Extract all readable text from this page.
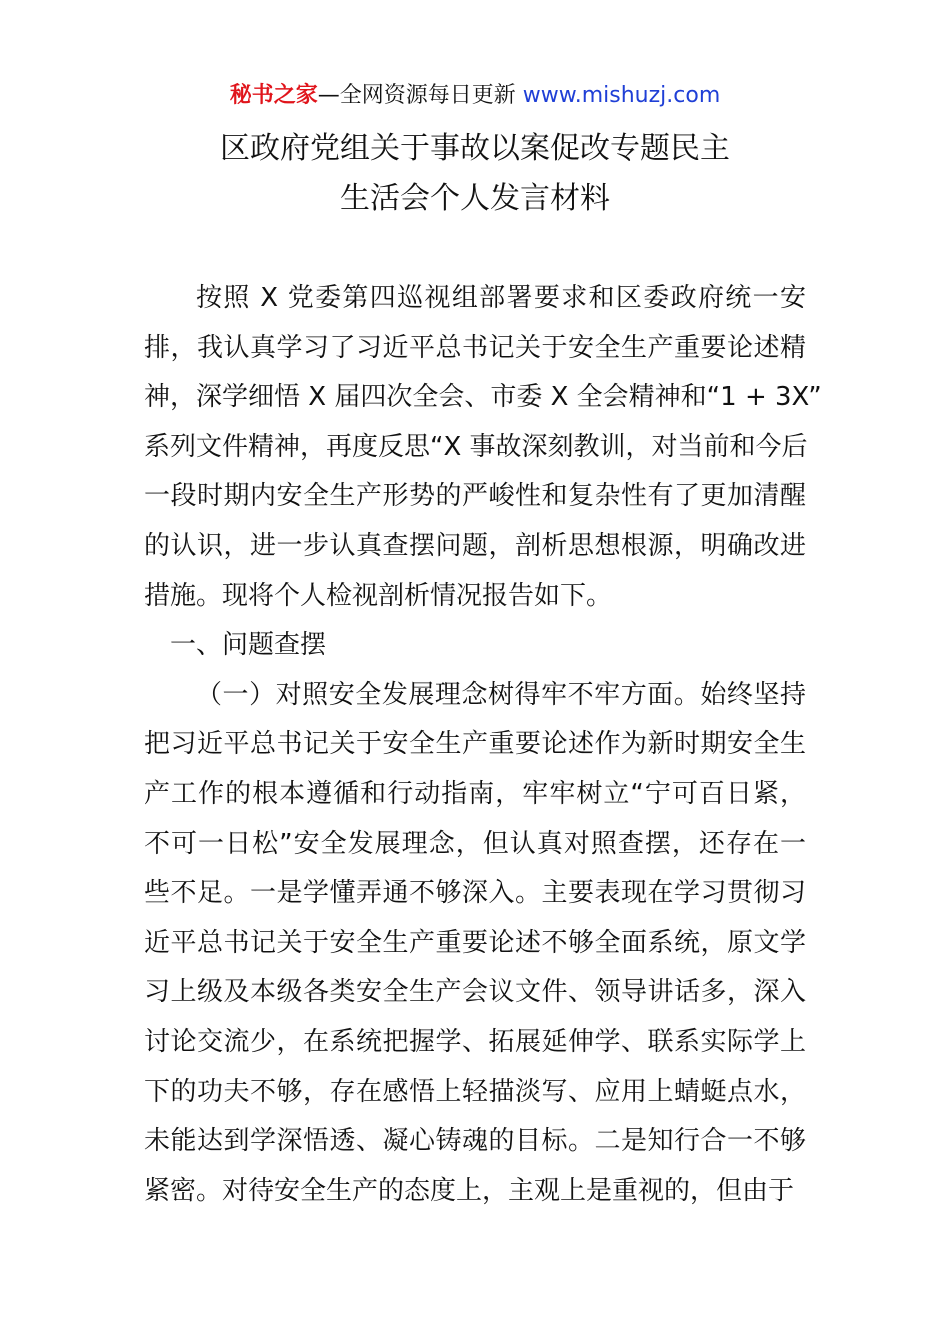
秘书之家—全网资源每日更新 www.mishuzj.com
区政府党组关于事故以案促改专题民主
生活会个人发言材料
按照 X 党委第四巡视组部署要求和区委政府统一安
排，我认真学习了习近平总书记关于安全生产重要论述精
神，深学细悟 X 届四次全会、市委 X 全会精神和“1 + 3X”
系列文件精神，再度反思“X 事故深刻教训，对当前和今后
一段时期内安全生产形势的严峻性和复杂性有了更加清醒
的认识，进一步认真查摆问题，剖析思想根源，明确改进
措施。现将个人检视剖析情况报告如下。
一、问题查摆
（一）对照安全发展理念树得牢不牢方面。始终坚持
把习近平总书记关于安全生产重要论述作为新时期安全生
产工作的根本遵循和行动指南，牢牢树立“宁可百日紧，
不可一日松”安全发展理念，但认真对照查摆，还存在一
些不足。一是学懂弄通不够深入。主要表现在学习贯彻习
近平总书记关于安全生产重要论述不够全面系统，原文学
习上级及本级各类安全生产会议文件、领导讲话多，深入
讨论交流少，在系统把握学、拓展延伸学、联系实际学上
下的功夫不够，存在感悟上轻描淡写、应用上蜻蜓点水，
未能达到学深悟透、凝心铸魂的目标。二是知行合一不够
紧密。对待安全生产的态度上，主观上是重视的，但由于
